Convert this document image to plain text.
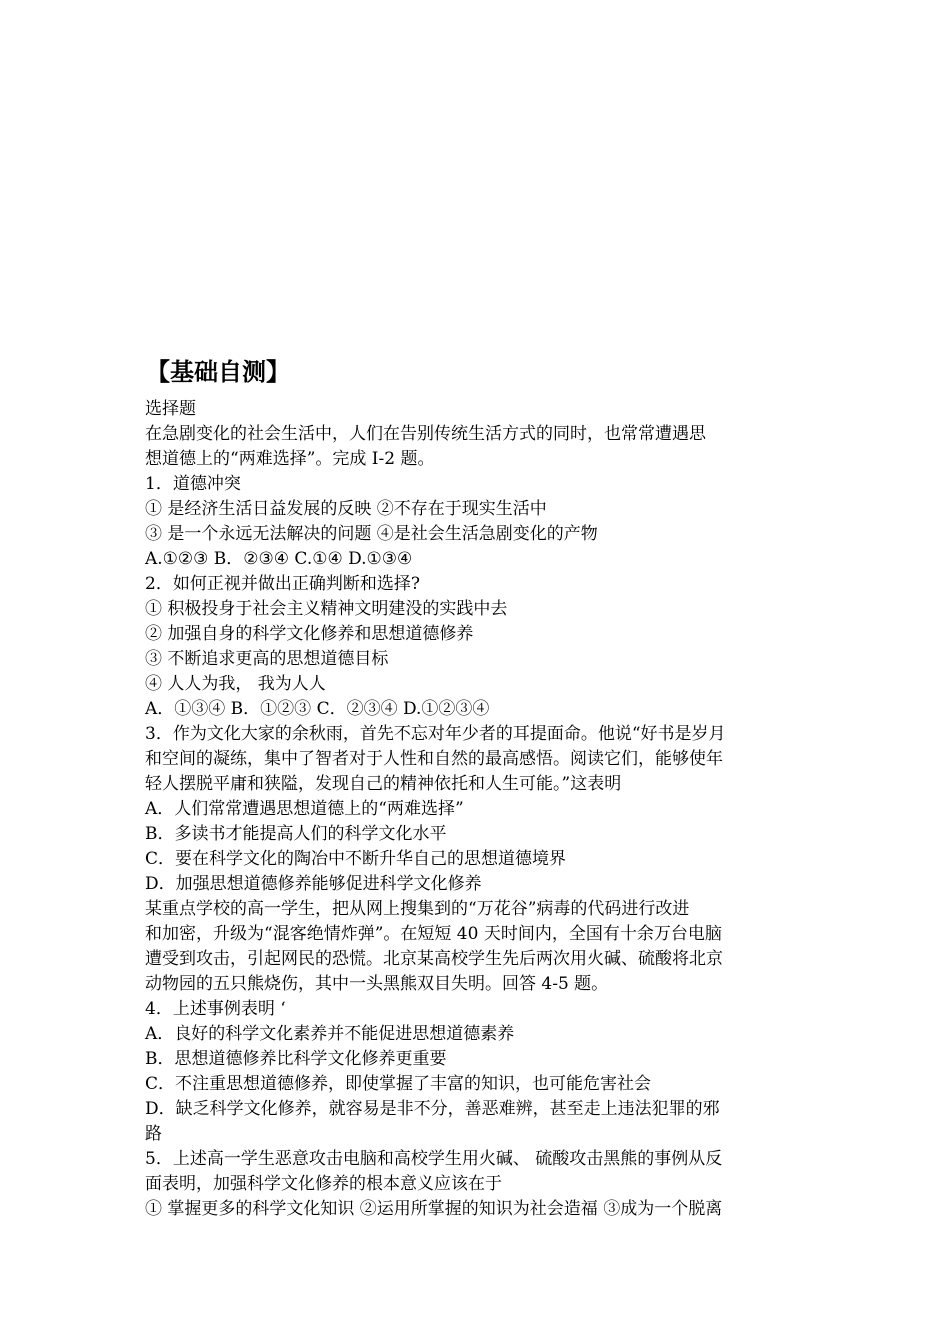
【基础自测】
选择题
在急剧变化的社会生活中，人们在告别传统生活方式的同时，也常常遭遇思
想道德上的“两难选择”。完成 I-2 题。
1．道德冲突
① 是经济生活日益发展的反映 ②不存在于现实生活中
③ 是一个永远无法解决的问题 ④是社会生活急剧变化的产物
A.①②③ B．②③④ C.①④ D.①③④
2．如何正视并做出正确判断和选择?
① 积极投身于社会主义精神文明建没的实践中去
② 加强自身的科学文化修养和思想道德修养
③ 不断追求更高的思想道德目标
④ 人人为我， 我为人人
A．①③④ B．①②③ C．②③④ D.①②③④
3．作为文化大家的余秋雨，首先不忘对年少者的耳提面命。他说“好书是岁月
和空间的凝练，集中了智者对于人性和自然的最高感悟。阅读它们，能够使年
轻人摆脱平庸和狭隘，发现自己的精神依托和人生可能。”这表明
A．人们常常遭遇思想道德上的“两难选择”
B．多读书才能提高人们的科学文化水平
C．要在科学文化的陶冶中不断升华自己的思想道德境界
D．加强思想道德修养能够促进科学文化修养
某重点学校的高一学生，把从网上搜集到的“万花谷”病毒的代码进行改进
和加密，升级为“混客绝情炸弹”。在短短 40 天时间内，全国有十余万台电脑
遭受到攻击，引起网民的恐慌。北京某高校学生先后两次用火碱、硫酸将北京
动物园的五只熊烧伤，其中一头黑熊双目失明。回答 4-5 题。
4．上述事例表明 ‘
A．良好的科学文化素养并不能促进思想道德素养
B．思想道德修养比科学文化修养更重要
C．不注重思想道德修养，即使掌握了丰富的知识，也可能危害社会
D．缺乏科学文化修养，就容易是非不分，善恶难辨，甚至走上违法犯罪的邪
路
5．上述高一学生恶意攻击电脑和高校学生用火碱、 硫酸攻击黑熊的事例从反
面表明，加强科学文化修养的根本意义应该在于
① 掌握更多的科学文化知识 ②运用所掌握的知识为社会造福 ③成为一个脱离
